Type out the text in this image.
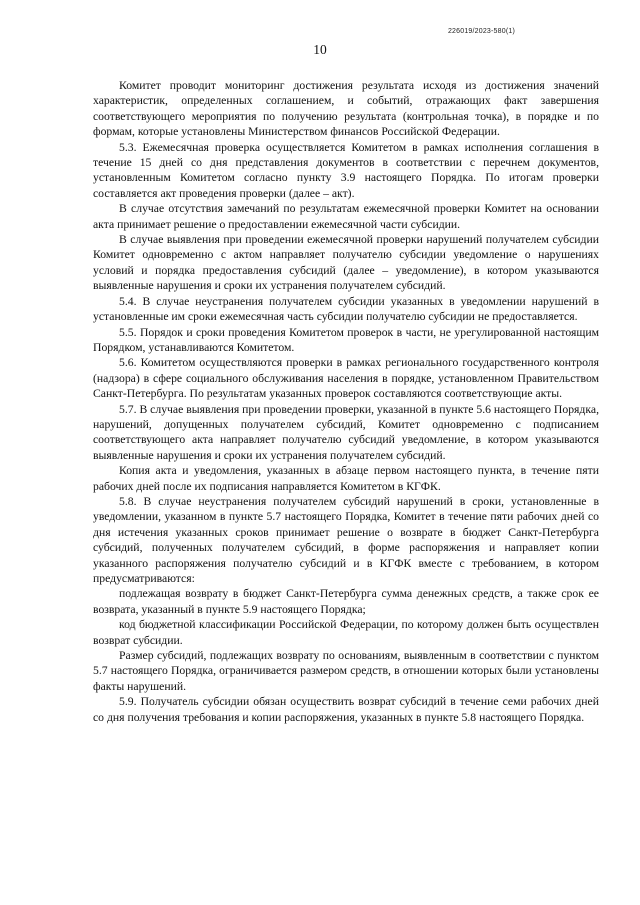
226019/2023-580(1)
10

Комитет проводит мониторинг достижения результата исходя из достижения значений характеристик, определенных соглашением, и событий, отражающих факт завершения соответствующего мероприятия по получению результата (контрольная точка), в порядке и по формам, которые установлены Министерством финансов Российской Федерации.

5.3. Ежемесячная проверка осуществляется Комитетом в рамках исполнения соглашения в течение 15 дней со дня представления документов в соответствии с перечнем документов, установленным Комитетом согласно пункту 3.9 настоящего Порядка. По итогам проверки составляется акт проведения проверки (далее – акт).

В случае отсутствия замечаний по результатам ежемесячной проверки Комитет на основании акта принимает решение о предоставлении ежемесячной части субсидии.

В случае выявления при проведении ежемесячной проверки нарушений получателем субсидии Комитет одновременно с актом направляет получателю субсидии уведомление о нарушениях условий и порядка предоставления субсидий (далее – уведомление), в котором указываются выявленные нарушения и сроки их устранения получателем субсидий.

5.4. В случае неустранения получателем субсидии указанных в уведомлении нарушений в установленные им сроки ежемесячная часть субсидии получателю субсидии не предоставляется.

5.5. Порядок и сроки проведения Комитетом проверок в части, не урегулированной настоящим Порядком, устанавливаются Комитетом.

5.6. Комитетом осуществляются проверки в рамках регионального государственного контроля (надзора) в сфере социального обслуживания населения в порядке, установленном Правительством Санкт-Петербурга. По результатам указанных проверок составляются соответствующие акты.

5.7. В случае выявления при проведении проверки, указанной в пункте 5.6 настоящего Порядка, нарушений, допущенных получателем субсидий, Комитет одновременно с подписанием соответствующего акта направляет получателю субсидий уведомление, в котором указываются выявленные нарушения и сроки их устранения получателем субсидий.

Копия акта и уведомления, указанных в абзаце первом настоящего пункта, в течение пяти рабочих дней после их подписания направляется Комитетом в КГФК.

5.8. В случае неустранения получателем субсидий нарушений в сроки, установленные в уведомлении, указанном в пункте 5.7 настоящего Порядка, Комитет в течение пяти рабочих дней со дня истечения указанных сроков принимает решение о возврате в бюджет Санкт-Петербурга субсидий, полученных получателем субсидий, в форме распоряжения и направляет копии указанного распоряжения получателю субсидий и в КГФК вместе с требованием, в котором предусматриваются:

подлежащая возврату в бюджет Санкт-Петербурга сумма денежных средств, а также срок ее возврата, указанный в пункте 5.9 настоящего Порядка;

код бюджетной классификации Российской Федерации, по которому должен быть осуществлен возврат субсидии.

Размер субсидий, подлежащих возврату по основаниям, выявленным в соответствии с пунктом 5.7 настоящего Порядка, ограничивается размером средств, в отношении которых были установлены факты нарушений.

5.9. Получатель субсидии обязан осуществить возврат субсидий в течение семи рабочих дней со дня получения требования и копии распоряжения, указанных в пункте 5.8 настоящего Порядка.
